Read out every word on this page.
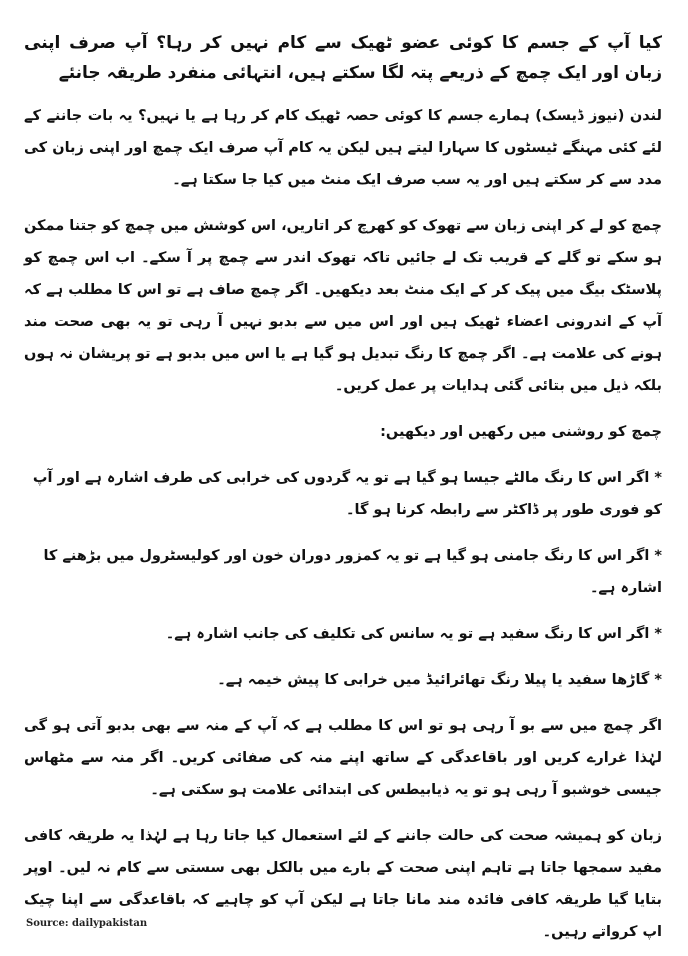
کیا آپ کے جسم کا کوئی عضو ٹھیک سے کام نہیں کر رہا؟ آپ صرف اپنی زبان اور ایک چمچ کے ذریعے پتہ لگا سکتے ہیں، انتہائی منفرد طریقہ جانئے

لندن (نیوز ڈیسک) ہمارے جسم کا کوئی حصہ ٹھیک کام کر رہا ہے یا نہیں؟ یہ بات جاننے کے لئے کئی مہنگے ٹیسٹوں کا سہارا لیتے ہیں لیکن یہ کام آپ صرف ایک چمچ اور اپنی زبان کی مدد سے کر سکتے ہیں اور یہ سب صرف ایک منٹ میں کیا جا سکتا ہے۔

چمچ کو لے کر اپنی زبان سے تھوک کو کھرچ کر اتاریں، اس کوشش میں چمچ کو جتنا ممکن ہو سکے تو گلے کے قریب تک لے جائیں تاکہ تھوک اندر سے چمچ پر آ سکے۔ اب اس چمچ کو پلاسٹک بیگ میں پیک کر کے ایک منٹ بعد دیکھیں۔ اگر چمچ صاف ہے تو اس کا مطلب ہے کہ آپ کے اندرونی اعضاء ٹھیک ہیں اور اس میں سے بدبو نہیں آ رہی تو یہ بھی صحت مند ہونے کی علامت ہے۔ اگر چمچ کا رنگ تبدیل ہو گیا ہے یا اس میں بدبو ہے تو پریشان نہ ہوں بلکہ ذیل میں بتائی گئی ہدایات پر عمل کریں۔

چمچ کو روشنی میں رکھیں اور دیکھیں:

* اگر اس کا رنگ مالٹے جیسا ہو گیا ہے تو یہ گردوں کی خرابی کی طرف اشارہ ہے اور آپ کو فوری طور پر ڈاکٹر سے رابطہ کرنا ہو گا۔

* اگر اس کا رنگ جامنی ہو گیا ہے تو یہ کمزور دوران خون اور کولیسٹرول میں بڑھنے کا اشارہ ہے۔

* اگر اس کا رنگ سفید ہے تو یہ سانس کی تکلیف کی جانب اشارہ ہے۔

* گاڑھا سفید یا پیلا رنگ تھائرائیڈ میں خرابی کا پیش خیمہ ہے۔

اگر چمچ میں سے بو آ رہی ہو تو اس کا مطلب ہے کہ آپ کے منہ سے بھی بدبو آتی ہو گی لہٰذا غرارے کریں اور باقاعدگی کے ساتھ اپنے منہ کی صفائی کریں۔ اگر منہ سے مٹھاس جیسی خوشبو آ رہی ہو تو یہ ذیابیطس کی ابتدائی علامت ہو سکتی ہے۔

زبان کو ہمیشہ صحت کی حالت جاننے کے لئے استعمال کیا جاتا رہا ہے لہٰذا یہ طریقہ کافی مفید سمجھا جاتا ہے تاہم اپنی صحت کے بارے میں بالکل بھی سستی سے کام نہ لیں۔ اوپر بتایا گیا طریقہ کافی فائدہ مند مانا جاتا ہے لیکن آپ کو چاہیے کہ باقاعدگی سے اپنا چیک اپ کرواتے رہیں۔

Source: dailypakistan
